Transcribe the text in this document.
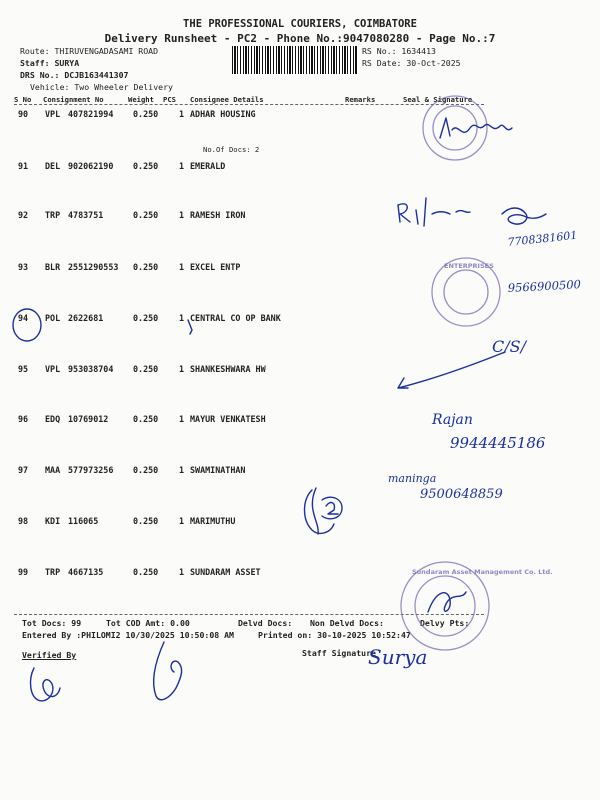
THE PROFESSIONAL COURIERS, COIMBATORE
Delivery Runsheet - PC2 - Phone No.:9047080280 - Page No.:7
Route: THIRUVENGADASAMI ROAD
Staff: SURYA
DRS No.: DCJB163441307
Vehicle: Two Wheeler Delivery
RS No.: 1634413
RS Date: 30-Oct-2025
S No Consignment No	Weight PCS Consignee Details	Remarks	Seal & Signature
90 VPL 407821994 0.250 1 ADHAR HOUSING
No.Of Docs: 2
91 DEL 902062190 0.250 1 EMERALD
92 TRP 4783751	0.250 1 RAMESH IRON
93 BLR 2551290553 0.250 1 EXCEL ENTP
94 POL 2622681	0.250 1 CENTRAL CO OP BANK
95 VPL 953038704 0.250 1 SHANKESHWARA HW
96 EDQ 10769012	0.250 1 MAYUR VENKATESH
97 MAA 577973256 0.250 1 SWAMINATHAN
98 KDI 116065	0.250 1 MARIMUTHU
99 TRP 4667135	0.250 1 SUNDARAM ASSET
Tot Docs: 99	Tot COD Amt: 0.00	Delvd Docs: Non Delvd Docs:	Delvy Pts:
Entered By :PHILOMI2 10/30/2025 10:50:08 AM	Printed on: 30-10-2025 10:52:47
Verified By	Staff Signature
7708381601
ENTERPRISES
9566900500
C/S/
Rajan
9944445186
maninga
9500648859
Sundaram Asset Management Co. Ltd.
Surya
